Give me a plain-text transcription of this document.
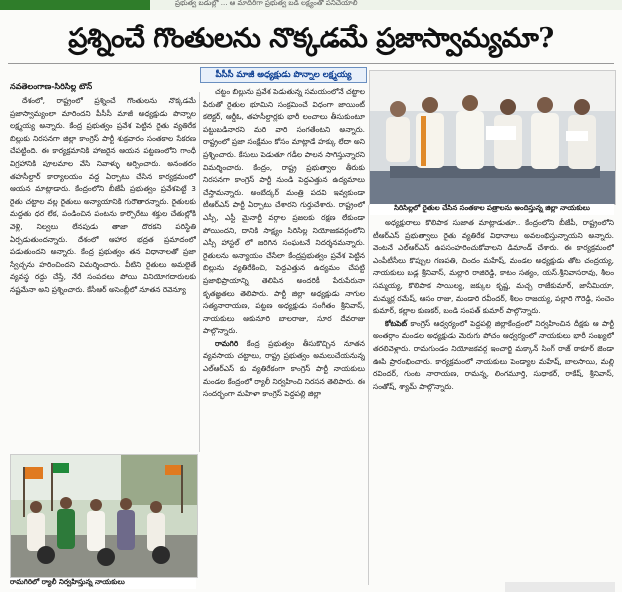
ప్రభుత్వ బడుల్లో ... ఆ మాదిరిగా ప్రభుత్వ బడి లక్ష్యంతో పనిచేయాలి
ప్రశ్నించే గొంతులను నొక్కడమే ప్రజాస్వామ్యమా?
నవతెలంగాణ-సిరిసిల్ల టౌన్
పీసీసీ మాజీ అధ్యక్షుడు పొన్నాల లక్ష్మయ్య

దేశంలో, రాష్ట్రంలో ప్రశ్నించే గొంతులను నొక్కడమే ప్రజాస్వామ్యంలా మారిందని పీసీసీ మాజీ అధ్యక్షుడు పొన్నాల లక్ష్మయ్య అన్నారు. కేంద్ర ప్రభుత్వం ప్రవేశ పెట్టిన రైతు వ్యతిరేక బిల్లుకు నిరసనగా జిల్లా కాంగ్రెస్ పార్టీ శుక్రవారం సంతకాల సేకరణ చేపట్టింది. ఈ కార్యక్రమానికి హాజరైన ఆయన పట్టణంలోని గాంధీ విగ్రహానికి పూలమాల వేసి నివాళ్ళు అర్పించారు. అనంతరం తహసీల్దార్ కార్యాలయం వద్ద ఏర్పాటు చేసిన కార్యక్రమంలో ఆయన మాట్లాడారు. కేంద్రంలోని బీజేపీ ప్రభుత్వం ప్రవేశపెట్టే 3 రైతు చట్టాల వల్ల రైతులు అన్యాయానికి గురౌతారన్నారు. రైతులకు మద్దతు ధర లేక, పండించిన పంటను కార్పొరేటు శక్తుల చేతుల్లోకి వెళ్లి, నిల్వలు లేనపుడు తాజా దొరకని పరిస్థితి ఏర్పడుతుందన్నారు. దేశంలో ఆహార భద్రత ప్రమాదంలో పడుతుందని అన్నారు. కేంద్ర ప్రభుత్వం తన విధానాలతో ప్రజా స్వేచ్ఛను హరించిందని విమర్శించారు. వీటిని రైతులు అమలైతే వ్యవస్థ రద్దు చేస్తే, నేరే సంపదలు పోయి వినియోగదారులకు నష్టమేనా అని ప్రశ్నించారు. కేసీఆర్ అసెంబ్లీలో నూతన రెవెన్యూ

చట్టం బిల్లును ప్రవేశ పెడుతున్న సమయంలోనే చట్టాల పేరుతో రైతుల భూమిని సంక్రమించే విధంగా జాయింట్ కలెక్టర్, ఆర్డీఓ, తహసీల్దార్లకు భారీ లంచాలు తీసుకుంటూ పట్టుబడినారని మరి వారి సంగతేంటని అన్నారు. రాష్ట్రంలో ప్రజా సంక్షేమం కోసం మాట్లాడే హక్కు లేదా అని ప్రశ్నించారు. కేసులు పెడుతూ గడీల పాలన సాగిస్తున్నారని విమర్శించారు. కేంద్రం, రాష్ట్ర ప్రభుత్వాల తీరుకు నిరసనగా కాంగ్రెస్ పార్టీ నుండి పెద్దఎత్తున ఉద్యమాలు చేస్తామన్నారు. అంబేద్కర్ మంత్రి పదవి ఇవ్వకుండా టీఆర్ఎస్ పార్టీ ఏర్పాటు చేశారని గుర్తుచేశారు. రాష్ట్రంలో ఎస్సీ, ఎస్టీ మైనార్టీ వర్గాల ప్రజలకు రక్షణ లేకుండా పోయిందని, దానికి సాక్ష్యం సిరిసిల్ల నియోజకవర్గంలోని ఎస్సీ హాస్టల్ లో జరిగిన సంఘటనే నిదర్శనమన్నారు. రైతులను అన్యాయం చేసేలా కేంద్రప్రభుత్వం ప్రవేశ పెట్టిన బిల్లును వ్యతిరేకించి, పెద్దఎత్తున ఉద్యమం చేపట్టి ప్రజాభిప్రాయాన్ని తెలిపిన అందరికీ పేరుపేరునా కృతజ్ఞతలు తెలిపారు. పార్టీ జిల్లా అధ్యక్షుడు నాగుల సత్యనారాయణ, పట్టణ అధ్యక్షుడు సంగీతం శ్రీనివాస్, నాయకులు ఆకునూరి బాలరాజు, సూర దేవరాజు పాల్గొన్నారు.

రామగిరి కేంద్ర ప్రభుత్వం తీసుకొచ్చిన నూతన వ్యవసాయ చట్టాలు, రాష్ట్ర ప్రభుత్వం అమలుచేయనున్న ఎల్ఆర్ఎస్ కు వ్యతిరేకంగా కాంగ్రెస్ పార్టీ నాయకులు మండల కేంద్రంలో ర్యాలీ నిర్వహించి నిరసన తెలిపారు. ఈ సందర్భంగా మహిళా కాంగ్రెస్ పెద్దపల్లి జిల్లా

సిరిసిల్లలో రైతుల చేసిన సంతకాల పత్రాలను అందిస్తున్న జిల్లా నాయకులు

అధ్యక్షురాలు కొలిపాక సుజాత మాట్లాడుతూ.. కేంద్రంలోని బీజేపీ, రాష్ట్రంలోని టీఆర్ఎస్ ప్రభుత్వాలు రైతు వ్యతిరేక విధానాలు అవలంభిస్తున్నాయని అన్నారు. వెంటనే ఎల్ఆర్ఎస్ ఉపసంహరించుకోవాలని డిమాండ్ చేశారు. ఈ కార్యక్రమంలో ఎంపీటీసీలు కొప్పుల గణపతి, చిందం మహేష్, మండల అధ్యక్షుడు తోట చంద్రయ్య, నాయకులు బడ్ల శ్రీనివాస్, మల్లారి రాజిరెడ్డి, కాటం సత్యం, యస్.శ్రీనివాసరావు, శీలం సమ్మయ్య, కొలిపాక సాయిల్య, జక్కుల కృష్ణ, మచ్చ రాజేకుమార్, జానీమియా, మమ్మర్ల రమేష్, ఆసం రాజు, మండారి రవీందర్, శీలం రాజయ్య, పల్లారి గౌరెడ్డి, సంచెం కుమార్, కల్లాల కుణకర్, బండి సంపత్ కుమార్ పాల్గొన్నారు.

కోటపెట్ కాంగ్రెస్ ఆధ్వర్యంలో పెద్దపల్లి జిల్లాకేంద్రంలో నిర్వహించిన దీక్షకు ఆ పార్టీ అంతర్గాం మండల అధ్యక్షుడు మెరుగు పోచం ఆధ్వర్యంలో నాయకులు భారీ సంఖ్యలో తరలివెళ్లారు. రామగుండం నియోజకవర్గ ఇంచార్జి మక్కాన్ సింగ్ రాజ్ ఠాకూర్ జెండా ఊపి ప్రారంభించారు. కార్యక్రమంలో నాయకులు పెండ్యాల మహేష్, బాలసాయి, మల్లి రవిందర్, గుంట నారాయణ, రామన్న, లింగమూర్తి, సుధాకర్, రాకేష్, శ్రీనివాస్, సంతోష్, శ్యామ్ పాల్గొన్నారు.

రామగిరిలో ర్యాలీ నిర్వహిస్తున్న నాయకులు
